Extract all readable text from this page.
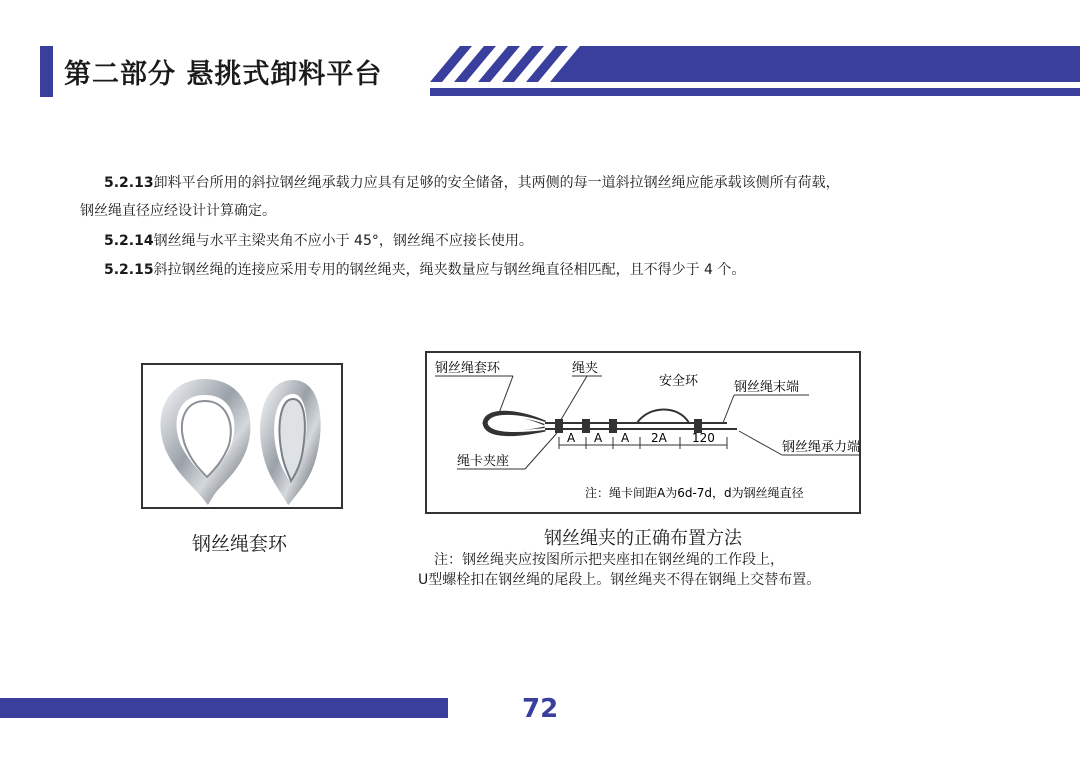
第二部分 悬挑式卸料平台
5.2.13卸料平台所用的斜拉钢丝绳承载力应具有足够的安全储备，其两侧的每一道斜拉钢丝绳应能承载该侧所有荷载，
钢丝绳直径应经设计计算确定。
5.2.14钢丝绳与水平主梁夹角不应小于 45°，钢丝绳不应接长使用。
5.2.15斜拉钢丝绳的连接应采用专用的钢丝绳夹，绳夹数量应与钢丝绳直径相匹配，且不得少于 4 个。
钢丝绳套环
钢丝绳套环	绳夹
安全环	钢丝绳末端
绳卡夹座
钢丝绳承力端
A A A 2A 120
注：绳卡间距A为6d-7d，d为钢丝绳直径
钢丝绳夹的正确布置方法
注：钢丝绳夹应按图所示把夹座扣在钢丝绳的工作段上，
U型螺栓扣在钢丝绳的尾段上。钢丝绳夹不得在钢绳上交替布置。
72
